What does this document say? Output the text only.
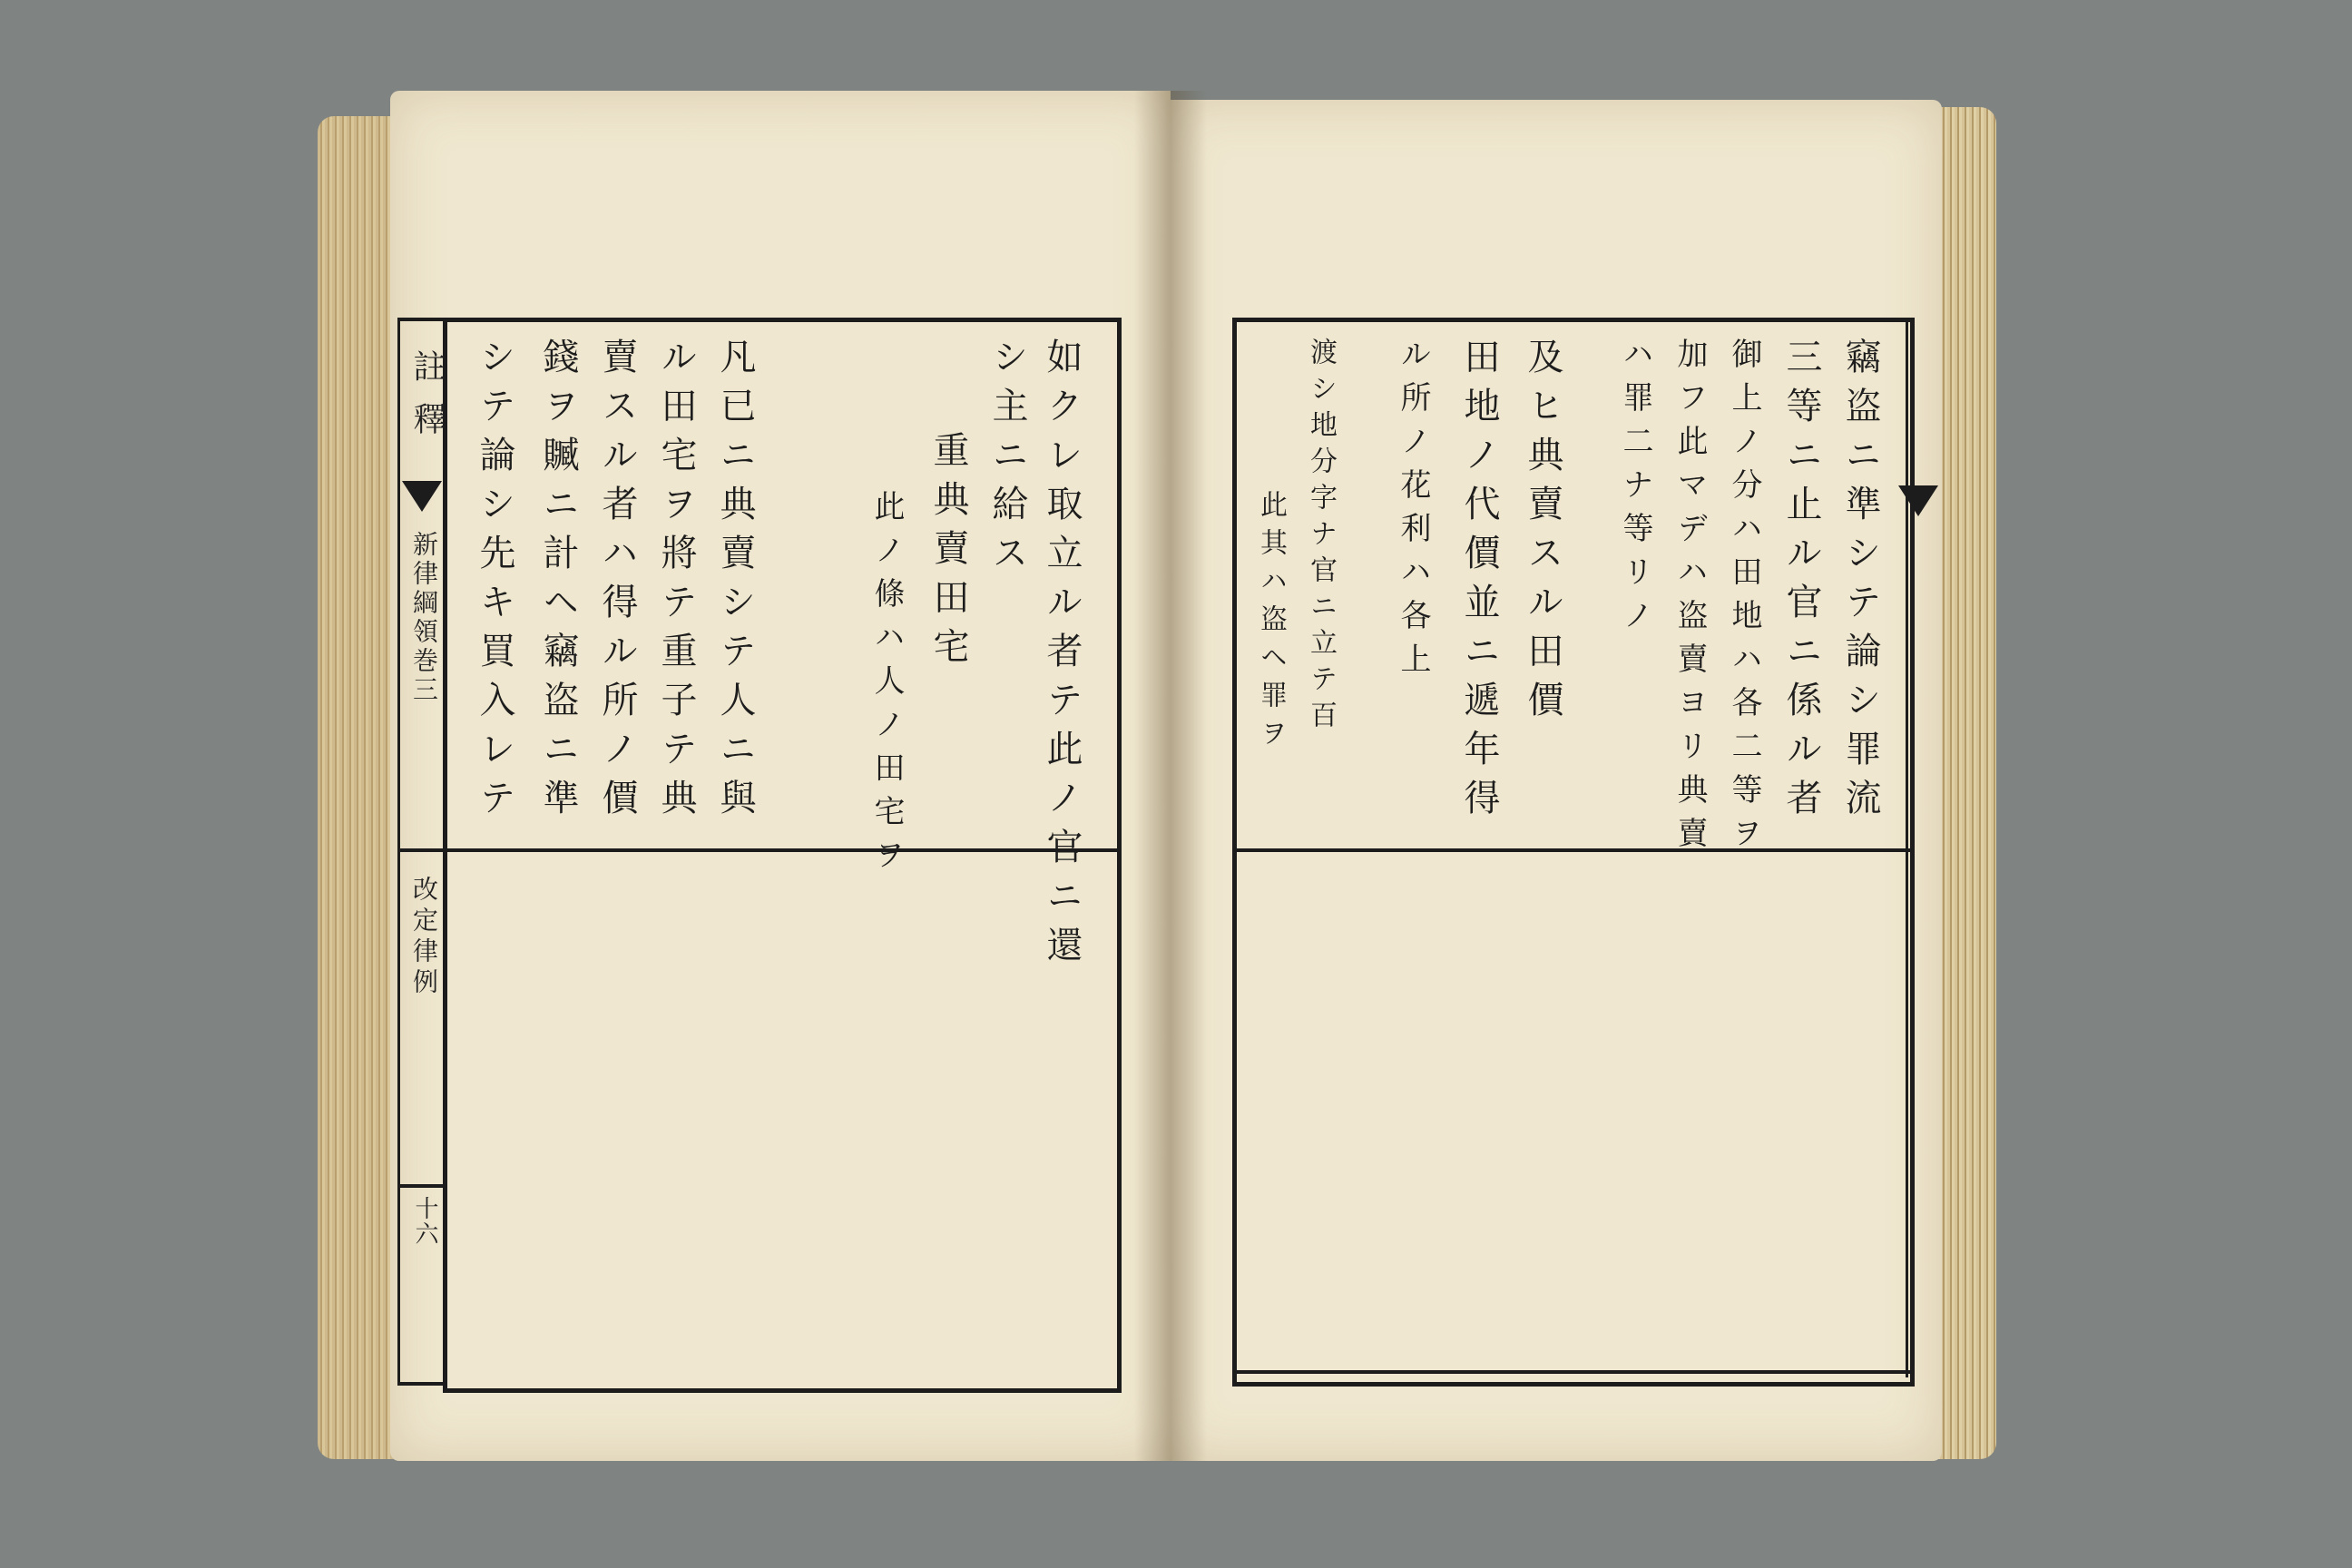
註釋
新律綱領巻三
改定律例
十六
如クレ取立ル者テ此ノ官ニ還
シ主ニ給ス
重典賣田宅
此ノ條ハ人ノ田宅ヲ
凡已ニ典賣シテ人ニ與
ル田宅ヲ將テ重子テ典
賣スル者ハ得ル所ノ價
錢ヲ贓ニ計ヘ竊盗ニ準
シテ論シ先キ買入レテ	竊盗ニ準シテ論シ罪流
三等ニ止ル官ニ係ル者
御上ノ分ハ田地ハ各二等ヲ
加フ此マデハ盗賣ヨリ典賣
ハ罪二ナ等リノ
及ヒ典賣スル田價
田地ノ代價並ニ遞年得
ル所ノ花利ハ各上
渡シ地分字ナ官ニ立テ百
此其ハ盗ヘ罪ヲ
